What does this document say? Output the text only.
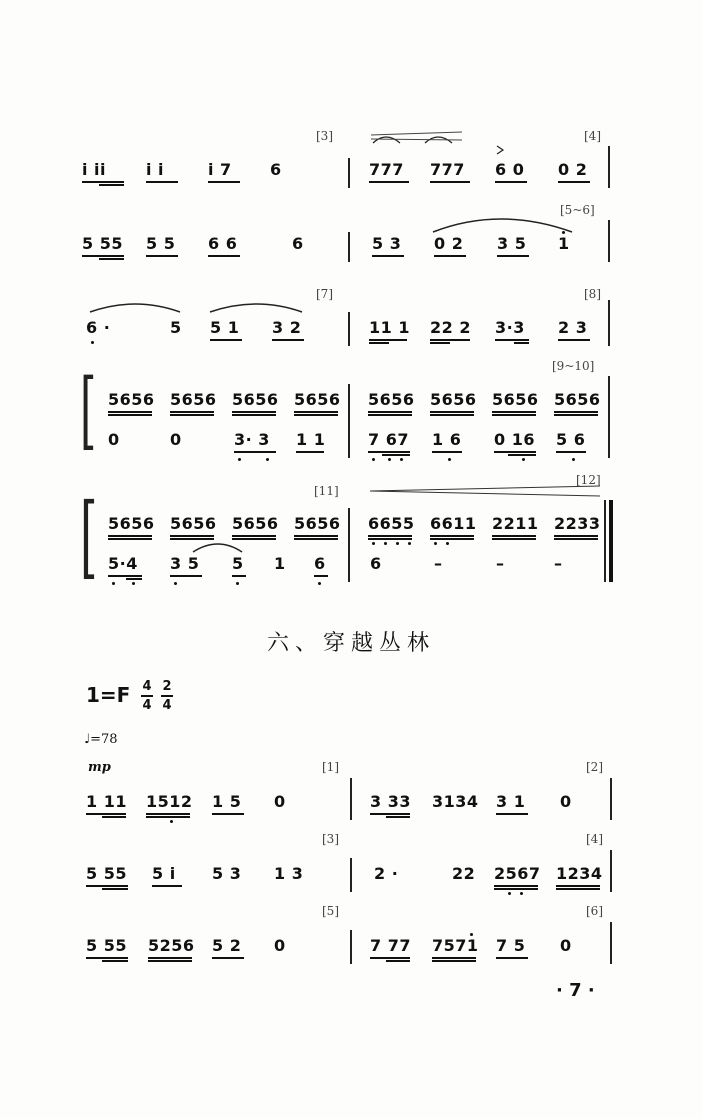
i ii i i	i 7 6	777 777 6 0 0 2
[3]	[4]
5 55 5 5 6 6	6	5 3 0 2 3 5 1
[5~6]
6 ·	5 5 1 3 2	11 1 22 2 3·3 2 3
[7]	[8]
[ 5656 5656 5656 5656 5656 5656 5656 5656
0	0	3· 3 1 1	7 67 1 6 0 16 5 6
[9~10]
[ 5656 5656 5656 5656 6655 6611 2211 2233
5·4 3 5 5 1 6	6	–	–	–
[11]
[12]
六、穿越丛林
1=F 4
4
2
4
♩=78
mp
1 11 1512 1 5 0	3 33 3134 3 1 0
[1]	[2]
5 55 5 i 5 3 1 3	2 ·	22 2567 1234
[3]	[4]
5 55 5256 5 2 0	7 77 7571 7 5 0
[5]	[6]
· 7 ·
